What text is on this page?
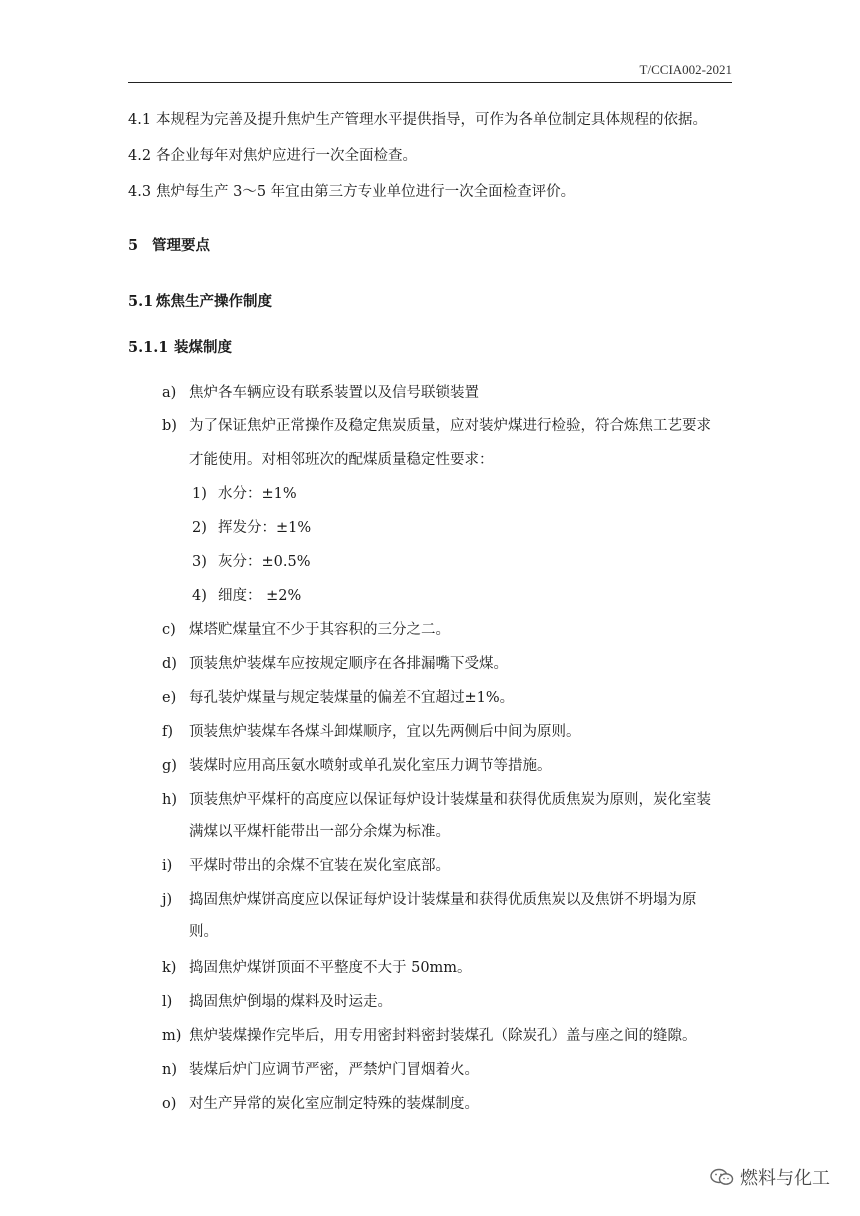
T/CCIA002-2021
4.1 本规程为完善及提升焦炉生产管理水平提供指导，可作为各单位制定具体规程的依据。
4.2 各企业每年对焦炉应进行一次全面检查。
4.3 焦炉每生产 3～5 年宜由第三方专业单位进行一次全面检查评价。
5 管理要点
5.1 炼焦生产操作制度
5.1.1 装煤制度
a) 焦炉各车辆应设有联系装置以及信号联锁装置
b) 为了保证焦炉正常操作及稳定焦炭质量，应对装炉煤进行检验，符合炼焦工艺要求
才能使用。对相邻班次的配煤质量稳定性要求：
1) 水分：±1%
2) 挥发分：±1%
3) 灰分：±0.5%
4) 细度： ±2%
c) 煤塔贮煤量宜不少于其容积的三分之二。
d) 顶装焦炉装煤车应按规定顺序在各排漏嘴下受煤。
e) 每孔装炉煤量与规定装煤量的偏差不宜超过±1%。
f) 顶装焦炉装煤车各煤斗卸煤顺序，宜以先两侧后中间为原则。
g) 装煤时应用高压氨水喷射或单孔炭化室压力调节等措施。
h) 顶装焦炉平煤杆的高度应以保证每炉设计装煤量和获得优质焦炭为原则，炭化室装
满煤以平煤杆能带出一部分余煤为标准。
i) 平煤时带出的余煤不宜装在炭化室底部。
j) 捣固焦炉煤饼高度应以保证每炉设计装煤量和获得优质焦炭以及焦饼不坍塌为原
则。
k) 捣固焦炉煤饼顶面不平整度不大于 50mm。
l) 捣固焦炉倒塌的煤料及时运走。
m) 焦炉装煤操作完毕后，用专用密封料密封装煤孔（除炭孔）盖与座之间的缝隙。
n) 装煤后炉门应调节严密，严禁炉门冒烟着火。
o) 对生产异常的炭化室应制定特殊的装煤制度。
燃料与化工
